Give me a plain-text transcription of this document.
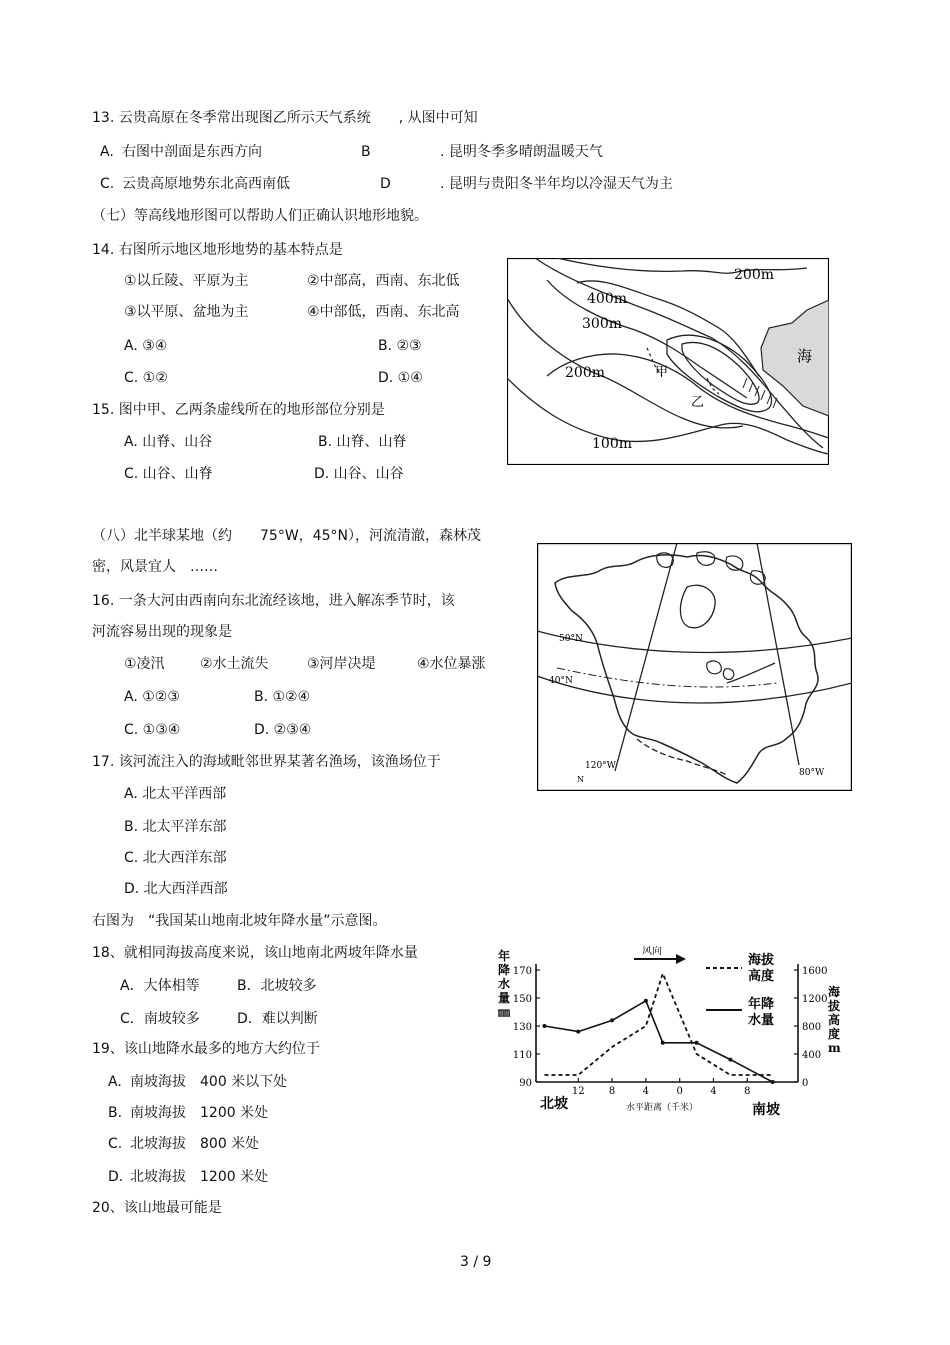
13. 云贵高原在冬季常出现图乙所示天气系统　　, 从图中可知
A. 右图中剖面是东西方向	B	. 昆明冬季多晴朗温暖天气
C. 云贵高原地势东北高西南低	D	. 昆明与贵阳冬半年均以冷湿天气为主
（七）等高线地形图可以帮助人们正确认识地形地貌。
14. 右图所示地区地形地势的基本特点是
①以丘陵、平原为主	②中部高，西南、东北低
③以平原、盆地为主	④中部低，西南、东北高
A. ③④	B. ②③
C. ①②	D. ①④
15. 图中甲、乙两条虚线所在的地形部位分别是
A. 山脊、山谷	B. 山脊、山脊
C. 山谷、山脊	D. 山谷、山谷
200m
400m
300m
200m
100m
海
甲
乙
（八）北半球某地（约　　75°W，45°N），河流清澈，森林茂
密，风景宜人　……
16. 一条大河由西南向东北流经该地，进入解冻季节时，该
河流容易出现的现象是
①凌汛	②水土流失	③河岸决堤	④水位暴涨
A. ①②③	B. ①②④
C. ①③④	D. ②③④
50°N
40°N
120°W
N
80°W
17. 该河流注入的海域毗邻世界某著名渔场，该渔场位于
A. 北太平洋西部
B. 北太平洋东部
C. 北大西洋东部
D. 北大西洋西部
右图为　“我国某山地南北坡年降水量”示意图。
18、就相同海拔高度来说，该山地南北两坡年降水量
A．大体相等	B．北坡较多
C．南坡较多	D．难以判断
19、该山地降水最多的地方大约位于
A. 南坡海拔　400 米以下处
B. 南坡海拔　1200 米处
C. 北坡海拔　800 米处
D. 北坡海拔　1200 米处
20、该山地最可能是
3 / 9
风向
海拔
高度
年降
水量
北坡	南坡
水平距离（千米）
170
150
130
110
90
1600
1200
800
400
0
12 8	4	0	4	8
年
降
水
量
㎜
海
拔
高
度
m
